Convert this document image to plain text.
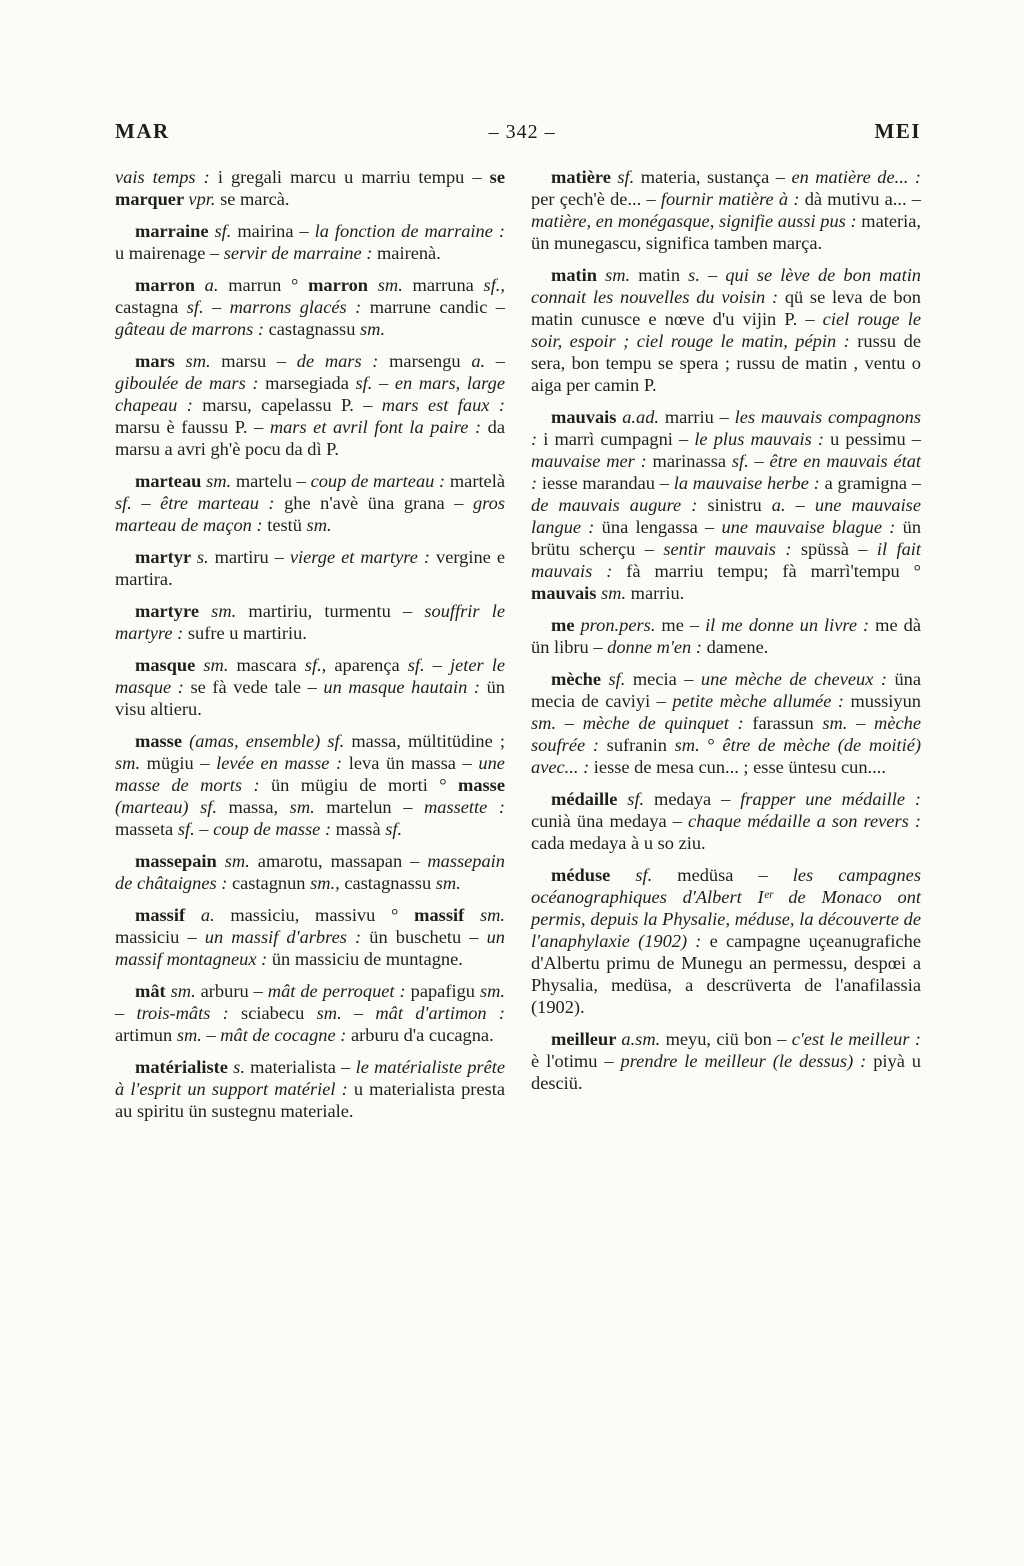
MAR	– 342 –	MEI

vais temps : i gregali marcu u marriu tempu – se marquer vpr. se marcà.

marraine sf. mairina – la fonction de marraine : u mairenage – servir de marraine : mairenà.

marron a. marrun ° marron sm. marruna sf., castagna sf. – marrons glacés : marrune candic – gâteau de marrons : castagnassu sm.

mars sm. marsu – de mars : marsengu a. – giboulée de mars : marsegiada sf. – en mars, large chapeau : marsu, capelassu P. – mars est faux : marsu è faussu P. – mars et avril font la paire : da marsu a avri gh'è pocu da dì P.

marteau sm. martelu – coup de marteau : martelà sf. – être marteau : ghe n'avè üna grana – gros marteau de maçon : testü sm.

martyr s. martiru – vierge et martyre : vergine e martira.

martyre sm. martiriu, turmentu – souffrir le martyre : sufre u martiriu.

masque sm. mascara sf., aparença sf. – jeter le masque : se fà vede tale – un masque hautain : ün visu altieru.

masse (amas, ensemble) sf. massa, mültitüdine ; sm. mügiu – levée en masse : leva ün massa – une masse de morts : ün mügiu de morti ° masse (marteau) sf. massa, sm. martelun – massette : masseta sf. – coup de masse : massà sf.

massepain sm. amarotu, massapan – massepain de châtaignes : castagnun sm., castagnassu sm.

massif a. massiciu, massivu ° massif sm. massiciu – un massif d'arbres : ün buschetu – un massif montagneux : ün massiciu de muntagne.

mât sm. arburu – mât de perroquet : papafigu sm. – trois-mâts : sciabecu sm. – mât d'artimon : artimun sm. – mât de cocagne : arburu d'a cucagna.

matérialiste s. materialista – le matérialiste prête à l'esprit un support matériel : u materialista presta au spiritu ün sustegnu materiale.

matière sf. materia, sustança – en matière de... : per çech'è de... – fournir matière à : dà mutivu a... – matière, en monégasque, signifie aussi pus : materia, ün munegascu, significa tamben marça.

matin sm. matin s. – qui se lève de bon matin connait les nouvelles du voisin : qü se leva de bon matin cunusce e nœve d'u vijin P. – ciel rouge le soir, espoir ; ciel rouge le matin, pépin : russu de sera, bon tempu se spera ; russu de matin , ventu o aiga per camin P.

mauvais a.ad. marriu – les mauvais compagnons : i marrì cumpagni – le plus mauvais : u pessimu – mauvaise mer : marinassa sf. – être en mauvais état : iesse marandau – la mauvaise herbe : a gramigna – de mauvais augure : sinistru a. – une mauvaise langue : üna lengassa – une mauvaise blague : ün brütu scherçu – sentir mauvais : spüssà – il fait mauvais : fà marriu tempu; fà marrì'tempu ° mauvais sm. marriu.

me pron.pers. me – il me donne un livre : me dà ün libru – donne m'en : damene.

mèche sf. mecia – une mèche de cheveux : üna mecia de caviyi – petite mèche allumée : mussiyun sm. – mèche de quinquet : farassun sm. – mèche soufrée : sufranin sm. ° être de mèche (de moitié) avec... : iesse de mesa cun... ; esse üntesu cun....

médaille sf. medaya – frapper une médaille : cunià üna medaya – chaque médaille a son revers : cada medaya à u so ziu.

méduse sf. medüsa – les campagnes océanographiques d'Albert Iᵉʳ de Monaco ont permis, depuis la Physalie, méduse, la découverte de l'anaphylaxie (1902) : e campagne uçeanugrafiche d'Albertu primu de Munegu an permessu, despœi a Physalia, medüsa, a descrüverta de l'anafilassia (1902).

meilleur a.sm. meyu, ciü bon – c'est le meilleur : è l'otimu – prendre le meilleur (le dessus) : piyà u desciü.
